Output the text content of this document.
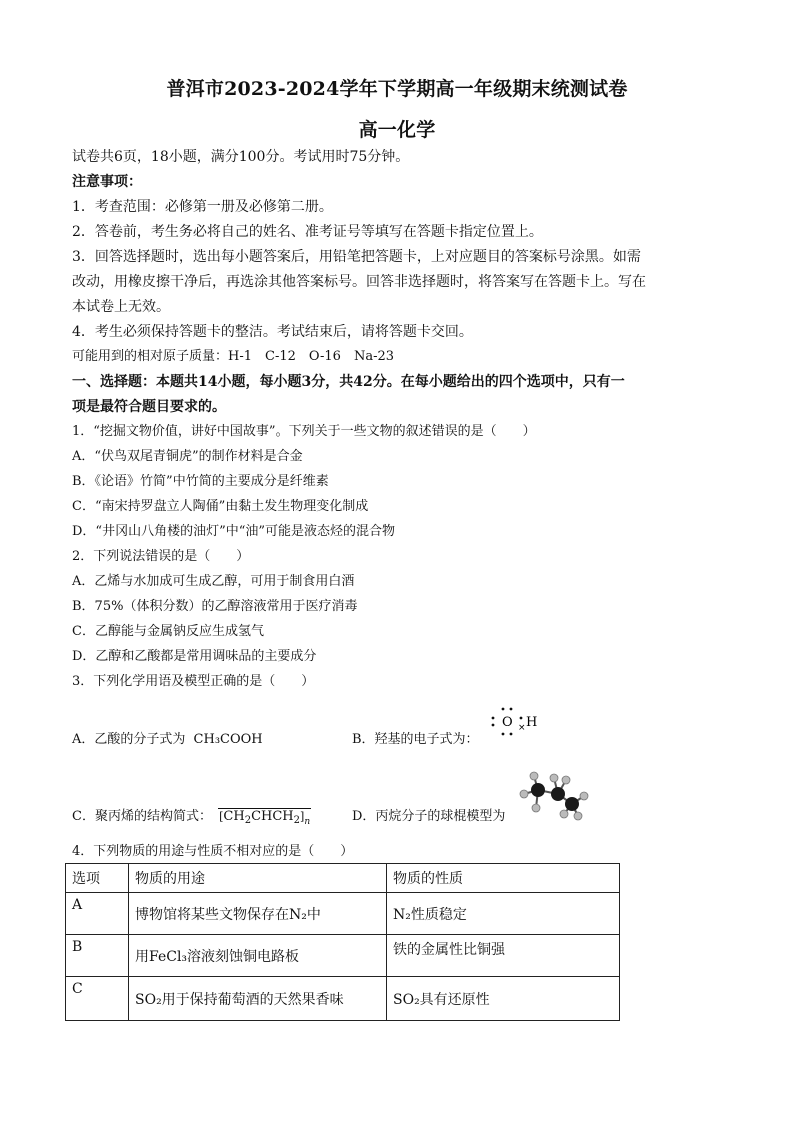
普洱市2023-2024学年下学期高一年级期末统测试卷
高一化学
试卷共6页，18小题，满分100分。考试用时75分钟。
注意事项：
1．考查范围：必修第一册及必修第二册。
2．答卷前，考生务必将自己的姓名、准考证号等填写在答题卡指定位置上。
3．回答选择题时，选出每小题答案后，用铅笔把答题卡，上对应题目的答案标号涂黑。如需
改动，用橡皮擦干净后，再选涂其他答案标号。回答非选择题时，将答案写在答题卡上。写在
本试卷上无效。
4．考生必须保持答题卡的整洁。考试结束后，请将答题卡交回。
可能用到的相对原子质量：H-1　C-12　O-16　Na-23
一、选择题：本题共14小题，每小题3分，共42分。在每小题给出的四个选项中，只有一
项是最符合题目要求的。
1．“挖掘文物价值，讲好中国故事”。下列关于一些文物的叙述错误的是（　　）
A．“伏鸟双尾青铜虎”的制作材料是合金
B．《论语》竹简”中竹简的主要成分是纤维素
C．“南宋持罗盘立人陶俑”由黏土发生物理变化制成
D．“井冈山八角楼的油灯”中“油”可能是液态烃的混合物
2．下列说法错误的是（　　）
A．乙烯与水加成可生成乙醇，可用于制食用白酒
B．75%（体积分数）的乙醇溶液常用于医疗消毒
C．乙醇能与金属钠反应生成氢气
D．乙醇和乙酸都是常用调味品的主要成分
3．下列化学用语及模型正确的是（　　）
A．乙酸的分子式为 CH₃COOH	B．羟基的电子式为：
O × H
C．聚丙烯的结构简式： $[CH_2CHCH_2]_n$	D．丙烷分子的球棍模型为
4．下列物质的用途与性质不相对应的是（　　）
选项	物质的用途	物质的性质
A	博物馆将某些文物保存在N₂中	N₂性质稳定
B	用FeCl₃溶液刻蚀铜电路板	铁的金属性比铜强
C	SO₂用于保持葡萄酒的天然果香味	SO₂具有还原性
